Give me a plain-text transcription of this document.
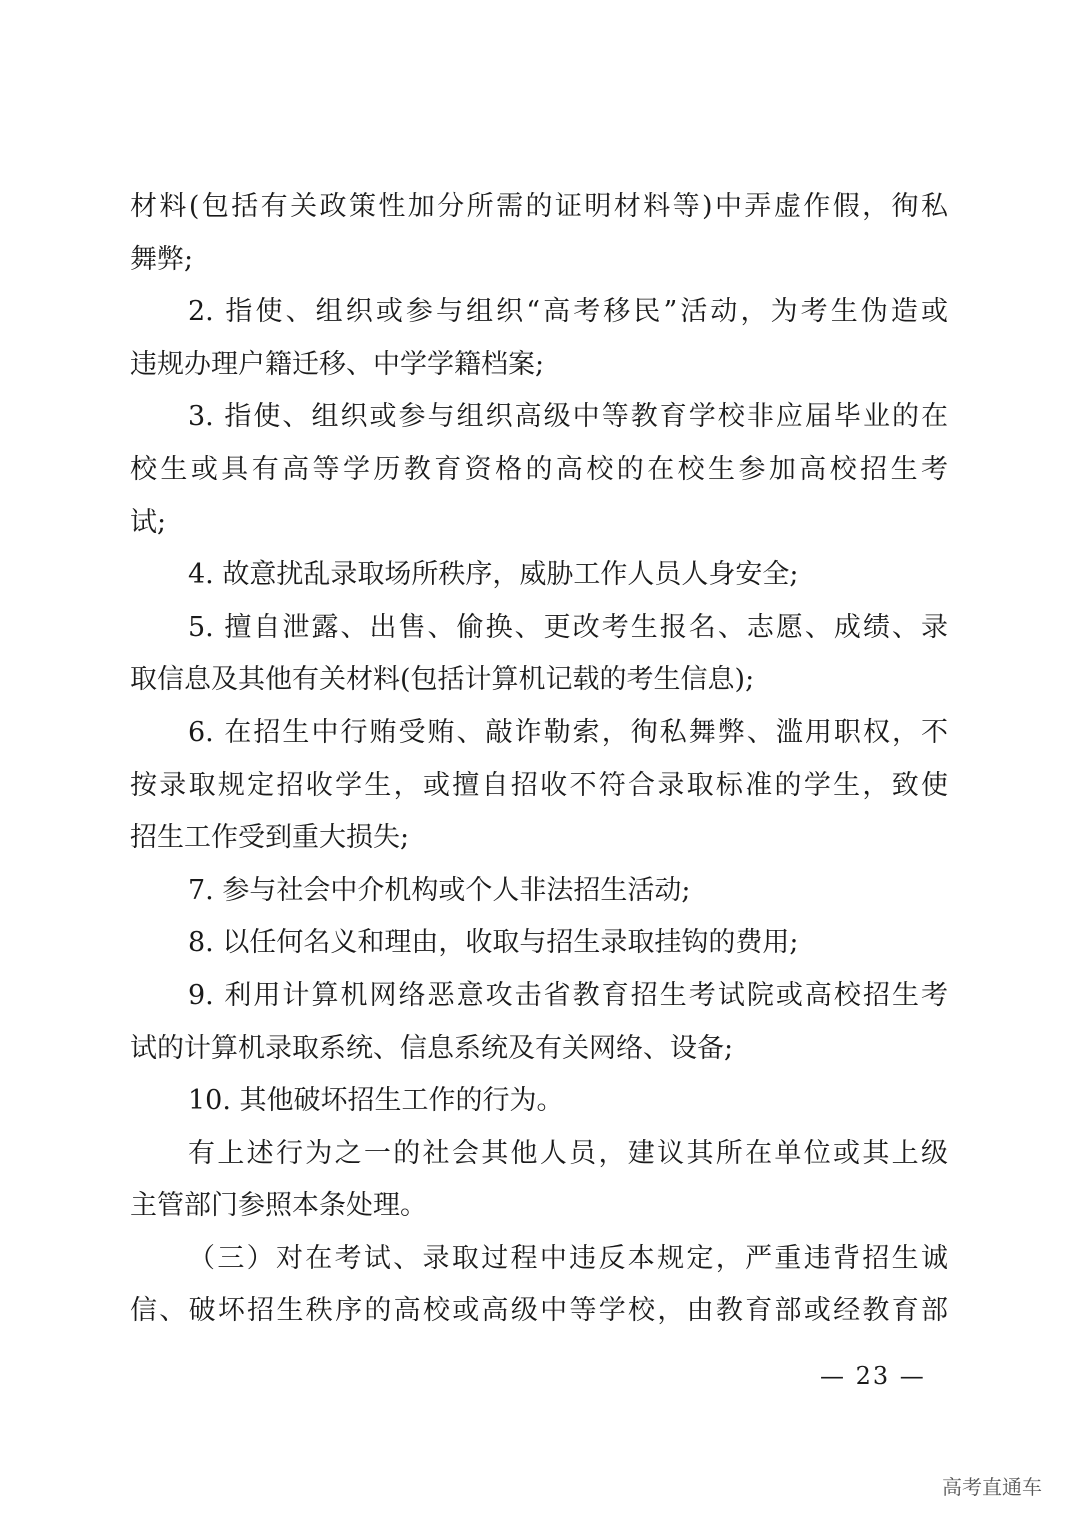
材料(包括有关政策性加分所需的证明材料等)中弄虚作假，徇私
舞弊;
2. 指使、组织或参与组织“高考移民”活动，为考生伪造或
违规办理户籍迁移、中学学籍档案;
3. 指使、组织或参与组织高级中等教育学校非应届毕业的在
校生或具有高等学历教育资格的高校的在校生参加高校招生考
试;
4. 故意扰乱录取场所秩序，威胁工作人员人身安全;
5. 擅自泄露、出售、偷换、更改考生报名、志愿、成绩、录
取信息及其他有关材料(包括计算机记载的考生信息);
6. 在招生中行贿受贿、敲诈勒索，徇私舞弊、滥用职权，不
按录取规定招收学生，或擅自招收不符合录取标准的学生，致使
招生工作受到重大损失;
7. 参与社会中介机构或个人非法招生活动;
8. 以任何名义和理由，收取与招生录取挂钩的费用;
9. 利用计算机网络恶意攻击省教育招生考试院或高校招生考
试的计算机录取系统、信息系统及有关网络、设备;
10. 其他破坏招生工作的行为。
有上述行为之一的社会其他人员，建议其所在单位或其上级
主管部门参照本条处理。
（三）对在考试、录取过程中违反本规定，严重违背招生诚
信、破坏招生秩序的高校或高级中等学校，由教育部或经教育部
— 23 —
高考直通车
